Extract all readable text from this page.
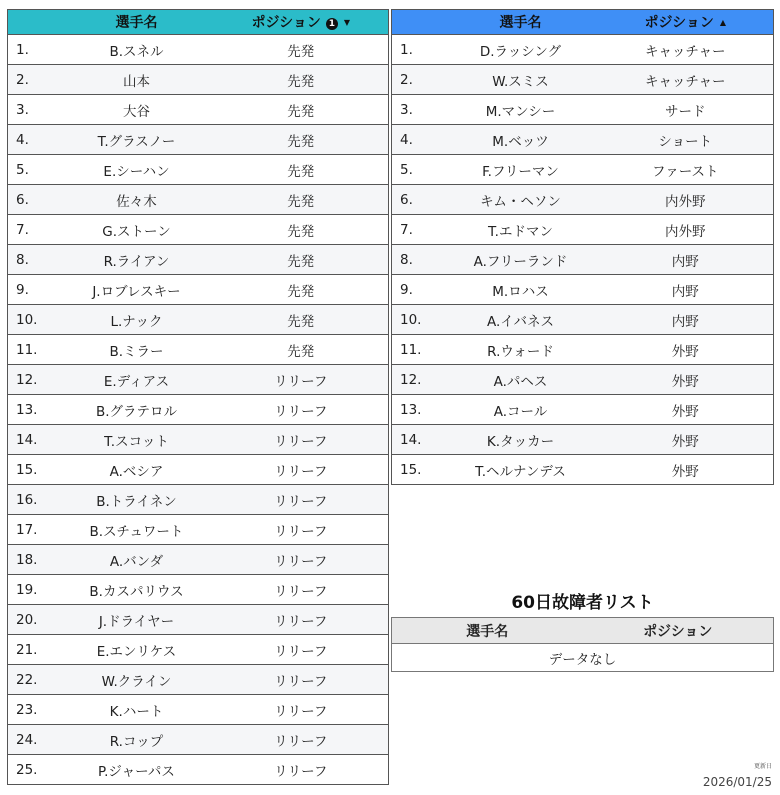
	選手名	ポジション 1 ▼
1.	B.スネル	先発
2.	山本	先発
3.	大谷	先発
4.	T.グラスノー	先発
5.	E.シーハン	先発
6.	佐々木	先発
7.	G.ストーン	先発
8.	R.ライアン	先発
9.	J.ロブレスキー	先発
10.	L.ナック	先発
11.	B.ミラー	先発
12.	E.ディアス	リリーフ
13.	B.グラテロル	リリーフ
14.	T.スコット	リリーフ
15.	A.ベシア	リリーフ
16.	B.トライネン	リリーフ
17.	B.スチュワート	リリーフ
18.	A.バンダ	リリーフ
19.	B.カスパリウス	リリーフ
20.	J.ドライヤー	リリーフ
21.	E.エンリケス	リリーフ
22.	W.クライン	リリーフ
23.	K.ハート	リリーフ
24.	R.コップ	リリーフ
25.	P.ジャーパス	リリーフ
	選手名	ポジション ▲
1.	D.ラッシング	キャッチャー
2.	W.スミス	キャッチャー
3.	M.マンシー	サード
4.	M.ベッツ	ショート
5.	F.フリーマン	ファースト
6.	キム・ヘソン	内外野
7.	T.エドマン	内外野
8.	A.フリーランド	内野
9.	M.ロハス	内野
10.	A.イバネス	内野
11.	R.ウォード	外野
12.	A.パヘス	外野
13.	A.コール	外野
14.	K.タッカー	外野
15.	T.ヘルナンデス	外野
60日故障者リスト
選手名	ポジション
データなし
更新日
2026/01/25
